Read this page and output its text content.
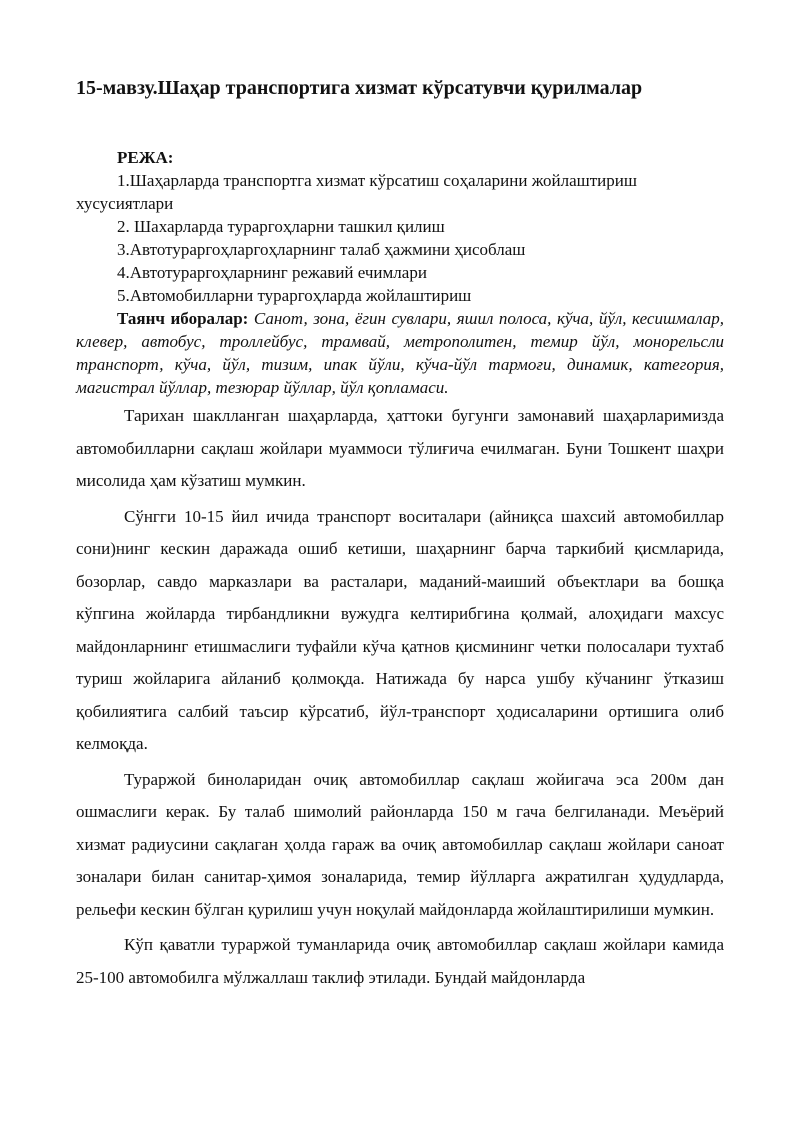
15-мавзу.Шаҳар транспортига хизмат кўрсатувчи қурилмалар
РЕЖА:
1.Шаҳарларда транспортга хизмат кўрсатиш соҳаларини жойлаштириш хусусиятлари
2. Шахарларда тураргоҳларни ташкил қилиш
3.Автотураргоҳларгоҳларнинг талаб ҳажмини ҳисоблаш
4.Автотураргоҳларнинг режавий ечимлари
5.Автомобилларни тураргоҳларда жойлаштириш
Таянч иборалар: Санот, зона, ёгин сувлари, яшил полоса, кўча, йўл, кесишмалар, клевер, автобус, троллейбус, трамвай, метрополитен, темир йўл, монорельсли транспорт, кўча, йўл, тизим, ипак йўли, кўча-йўл тармоғи, динамик, категория, магистрал йўллар, тезюрар йўллар, йўл қопламаси.

Тарихан шаклланган шаҳарларда, ҳаттоки бугунги замонавий шаҳарларимизда автомобилларни сақлаш жойлари муаммоси тўлиғича ечилмаган. Буни Тошкент шаҳри мисолида ҳам кўзатиш мумкин.

Сўнгги 10-15 йил ичида транспорт воситалари (айниқса шахсий автомобиллар сони)нинг кескин даражада ошиб кетиши, шаҳарнинг барча таркибий қисмларида, бозорлар, савдо марказлари ва расталари, маданий-маиший объектлари ва бошқа кўпгина жойларда тирбандликни вужудга келтирибгина қолмай, алоҳидаги махсус майдонларнинг етишмаслиги туфайли кўча қатнов қисмининг четки полосалари тухтаб туриш жойларига айланиб қолмоқда. Натижада бу нарса ушбу кўчанинг ўтказиш қобилиятига салбий таъсир кўрсатиб, йўл-транспорт ҳодисаларини ортишига олиб келмоқда.

Тураржой биноларидан очиқ автомобиллар сақлаш жойигача эса 200м дан ошмаслиги керак. Бу талаб шимолий районларда 150 м гача белгиланади. Меъёрий хизмат радиусини сақлаган ҳолда гараж ва очиқ автомобиллар сақлаш жойлари саноат зоналари билан санитар-ҳимоя зоналарида, темир йўлларга ажратилган ҳудудларда, рельефи кескин бўлган қурилиш учун ноқулай майдонларда жойлаштирилиши мумкин.

Кўп қаватли тураржой туманларида очиқ автомобиллар сақлаш жойлари камида 25-100 автомобилга мўлжаллаш таклиф этилади. Бундай майдонларда
